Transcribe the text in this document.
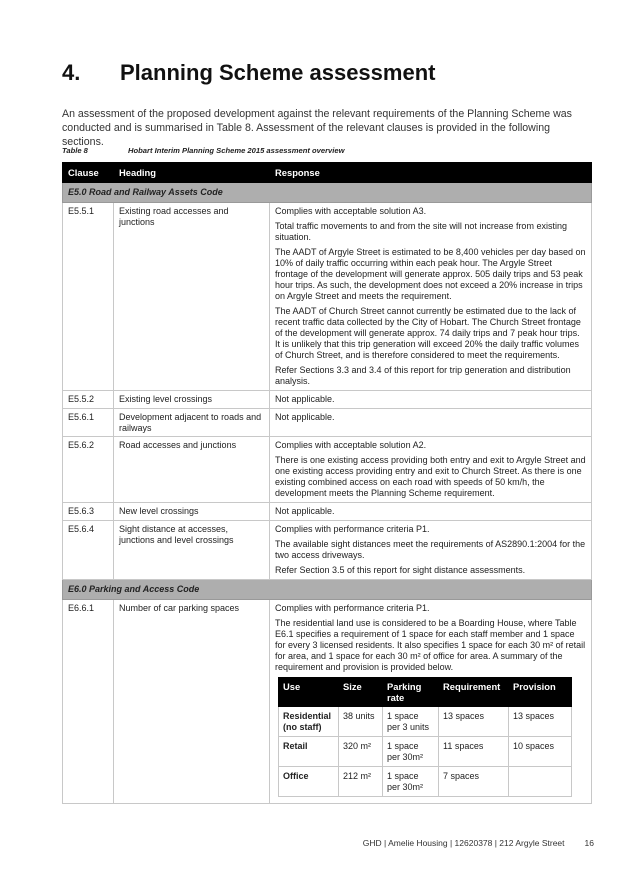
4. Planning Scheme assessment
An assessment of the proposed development against the relevant requirements of the Planning Scheme was conducted and is summarised in Table 8. Assessment of the relevant clauses is provided in the following sections.
Table 8	Hobart Interim Planning Scheme 2015 assessment overview
Clause	Heading	Response
E5.0 Road and Railway Assets Code
E5.5.1	Existing road accesses and junctions	

Complies with acceptable solution A3.

Total traffic movements to and from the site will not increase from existing situation.

The AADT of Argyle Street is estimated to be 8,400 vehicles per day based on 10% of daily traffic occurring within each peak hour. The Argyle Street frontage of the development will generate approx. 505 daily trips and 53 peak hour trips. As such, the development does not exceed a 20% increase in trips on Argyle Street and meets the requirement.

The AADT of Church Street cannot currently be estimated due to the lack of recent traffic data collected by the City of Hobart. The Church Street frontage of the development will generate approx. 74 daily trips and 7 peak hour trips. It is unlikely that this trip generation will exceed 20% the daily traffic volumes of Church Street, and is therefore considered to meet the requirements.

Refer Sections 3.3 and 3.4 of this report for trip generation and distribution analysis.

E5.5.2	Existing level crossings	Not applicable.

E5.6.1	Development adjacent to roads and railways	

Not applicable.

E5.6.2	Road accesses and junctions	Complies with acceptable solution A2.

There is one existing access providing both entry and exit to Argyle Street and one existing access providing entry and exit to Church Street. As there is one existing combined access on each road with speeds of 50 km/h, the development meets the Planning Scheme requirement.

E5.6.3	New level crossings	Not applicable.

E5.6.4	Sight distance at accesses, junctions and level crossings	

Complies with performance criteria P1.

The available sight distances meet the requirements of AS2890.1:2004 for the two access driveways.

Refer Section 3.5 of this report for sight distance assessments.

E6.0 Parking and Access Code
E6.6.1	Number of car parking spaces	Complies with performance criteria P1.

The residential land use is considered to be a Boarding House, where Table E6.1 specifies a requirement of 1 space for each staff member and 1 space for every 3 licensed residents. It also specifies 1 space for each 30 m² of retail for area, and 1 space for each 30 m² of office for area. A summary of the requirement and provision is provided below.

Use	Size	Parking rate	Requirement	Provision
Residential (no staff)	38 units	1 space per 3 units	13 spaces	13 spaces
Retail	320 m²	1 space per 30m²	11 spaces	10 spaces
Office	212 m²	1 space per 30m²	7 spaces	
GHD | Amelie Housing | 12620378 | 212 Argyle Street 16
